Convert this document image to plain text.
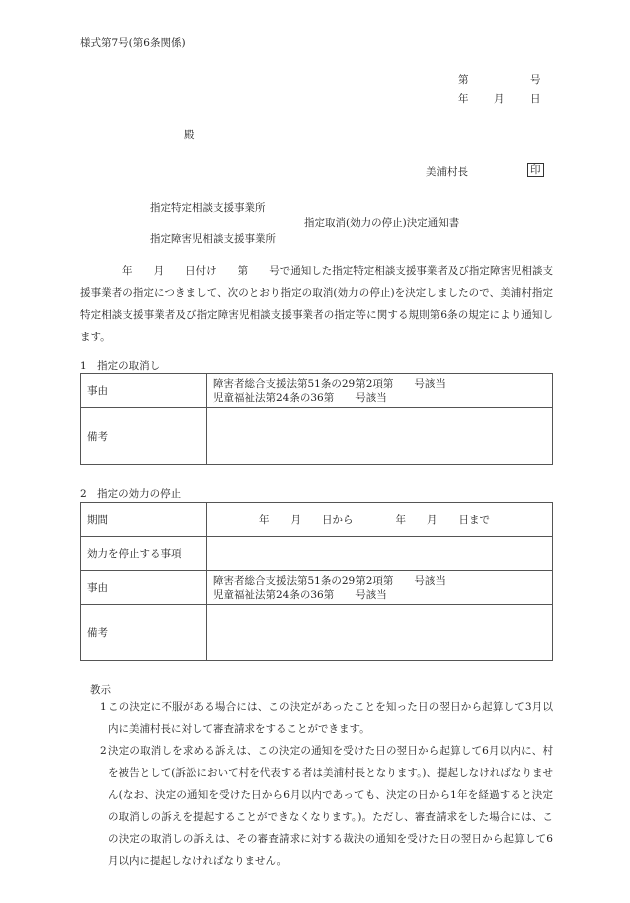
様式第7号(第6条関係)
第	号
年 月 日
殿
美浦村長	印
指定特定相談支援事業所
指定取消(効力の停止)決定通知書
指定障害児相談支援事業所
　　　　年　　月　　日付け　　第　　号で通知した指定特定相談支援事業者及び指定障害児相談支援事業者の指定につきまして、次のとおり指定の取消(効力の停止)を決定しましたので、美浦村指定特定相談支援事業者及び指定障害児相談支援事業者の指定等に関する規則第6条の規定により通知します。
1　指定の取消し
事由	障害者総合支援法第51条の29第2項第　　号該当
児童福祉法第24条の36第　　号該当

備考	
2　指定の効力の停止
期間	年　　月　　日から　　　　年　　月　　日まで
効力を停止する事項	
事由	障害者総合支援法第51条の29第2項第　　号該当
児童福祉法第24条の36第　　号該当

備考	
教示
1 この決定に不服がある場合には、この決定があったことを知った日の翌日から起算して3月以内に美浦村長に対して審査請求をすることができます。
2 決定の取消しを求める訴えは、この決定の通知を受けた日の翌日から起算して6月以内に、村を被告として(訴訟において村を代表する者は美浦村長となります。)、提起しなければなりません(なお、決定の通知を受けた日から6月以内であっても、決定の日から1年を経過すると決定の取消しの訴えを提起することができなくなります。)。ただし、審査請求をした場合には、この決定の取消しの訴えは、その審査請求に対する裁決の通知を受けた日の翌日から起算して6月以内に提起しなければなりません。
